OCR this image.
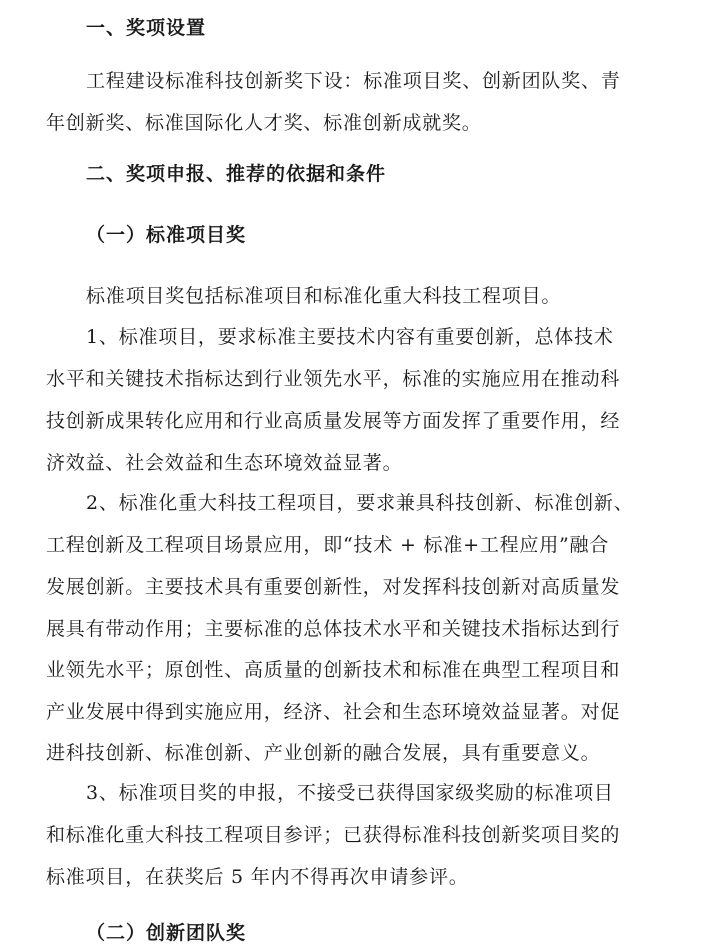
一、奖项设置
工程建设标准科技创新奖下设：标准项目奖、创新团队奖、青
年创新奖、标准国际化人才奖、标准创新成就奖。
二、奖项申报、推荐的依据和条件
（一）标准项目奖
标准项目奖包括标准项目和标准化重大科技工程项目。
1、标准项目，要求标准主要技术内容有重要创新，总体技术
水平和关键技术指标达到行业领先水平，标准的实施应用在推动科
技创新成果转化应用和行业高质量发展等方面发挥了重要作用，经
济效益、社会效益和生态环境效益显著。
2、标准化重大科技工程项目，要求兼具科技创新、标准创新、
工程创新及工程项目场景应用，即“技术 + 标准+工程应用”融合
发展创新。主要技术具有重要创新性，对发挥科技创新对高质量发
展具有带动作用；主要标准的总体技术水平和关键技术指标达到行
业领先水平；原创性、高质量的创新技术和标准在典型工程项目和
产业发展中得到实施应用，经济、社会和生态环境效益显著。对促
进科技创新、标准创新、产业创新的融合发展，具有重要意义。
3、标准项目奖的申报，不接受已获得国家级奖励的标准项目
和标准化重大科技工程项目参评；已获得标准科技创新奖项目奖的
标准项目，在获奖后 5 年内不得再次申请参评。
（二）创新团队奖
